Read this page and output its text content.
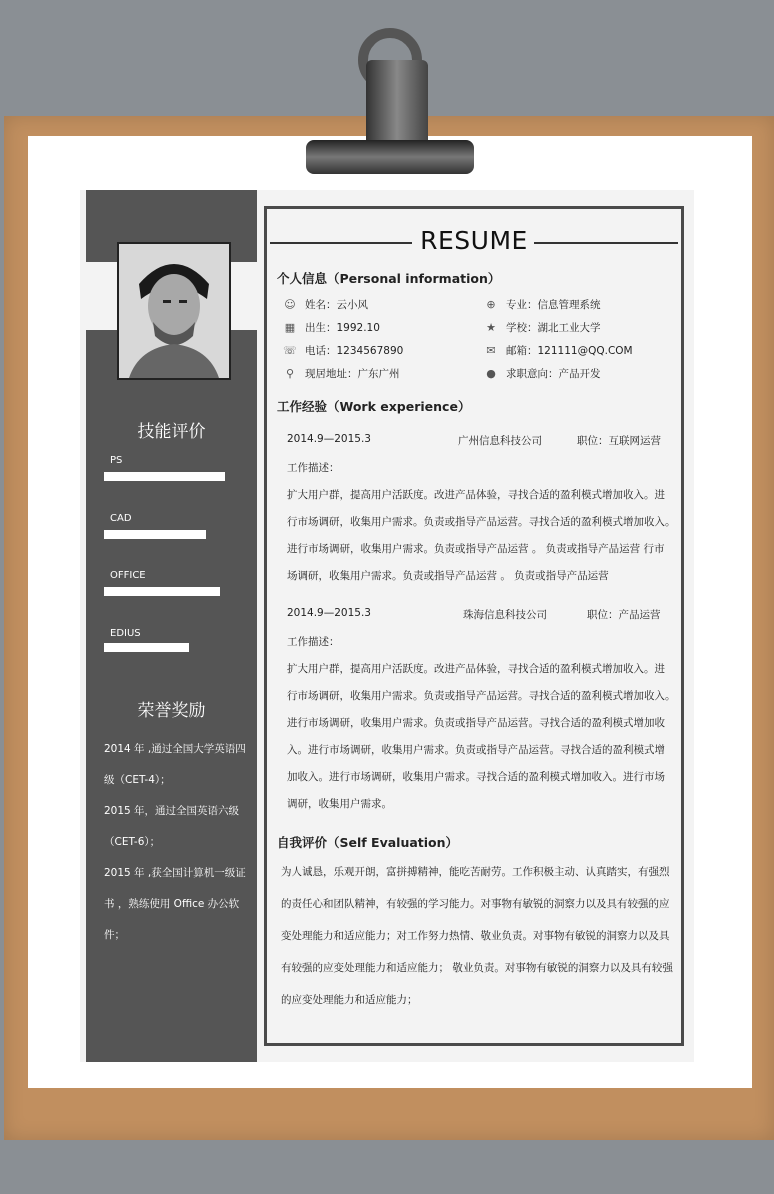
技能评价
PS
CAD
OFFICE
EDIUS
荣誉奖励
2014 年 ,通过全国大学英语四
级（CET-4）；
2015 年，通过全国英语六级
（CET-6）；
2015 年 ,获全国计算机一级证
书 ，熟练使用 Office 办公软
件；
RESUME
个人信息（Personal information）
☺ 姓名：云小风	⊕ 专业：信息管理系统
▦ 出生：1992.10	★ 学校：湖北工业大学
☏ 电话：1234567890	✉ 邮箱：121111@QQ.COM
⚲ 现居地址：广东广州	● 求职意向：产品开发
工作经验（Work experience）
2014.9—2015.3	广州信息科技公司	职位：互联网运营
工作描述：
扩大用户群，提高用户活跃度。改进产品体验，寻找合适的盈利模式增加收入。进
行市场调研，收集用户需求。负责或指导产品运营。寻找合适的盈利模式增加收入。
进行市场调研，收集用户需求。负责或指导产品运营 。 负责或指导产品运营 行市
场调研，收集用户需求。负责或指导产品运营 。 负责或指导产品运营
2014.9—2015.3	珠海信息科技公司	职位：产品运营
工作描述：
扩大用户群，提高用户活跃度。改进产品体验，寻找合适的盈利模式增加收入。进
行市场调研，收集用户需求。负责或指导产品运营。寻找合适的盈利模式增加收入。
进行市场调研，收集用户需求。负责或指导产品运营。寻找合适的盈利模式增加收
入。进行市场调研，收集用户需求。负责或指导产品运营。寻找合适的盈利模式增
加收入。进行市场调研，收集用户需求。寻找合适的盈利模式增加收入。进行市场
调研，收集用户需求。
自我评价（Self Evaluation）
为人诚恳，乐观开朗，富拼搏精神，能吃苦耐劳。工作积极主动、认真踏实，有强烈
的责任心和团队精神，有较强的学习能力。对事物有敏锐的洞察力以及具有较强的应
变处理能力和适应能力；对工作努力热情、敬业负责。对事物有敏锐的洞察力以及具
有较强的应变处理能力和适应能力； 敬业负责。对事物有敏锐的洞察力以及具有较强
的应变处理能力和适应能力；
